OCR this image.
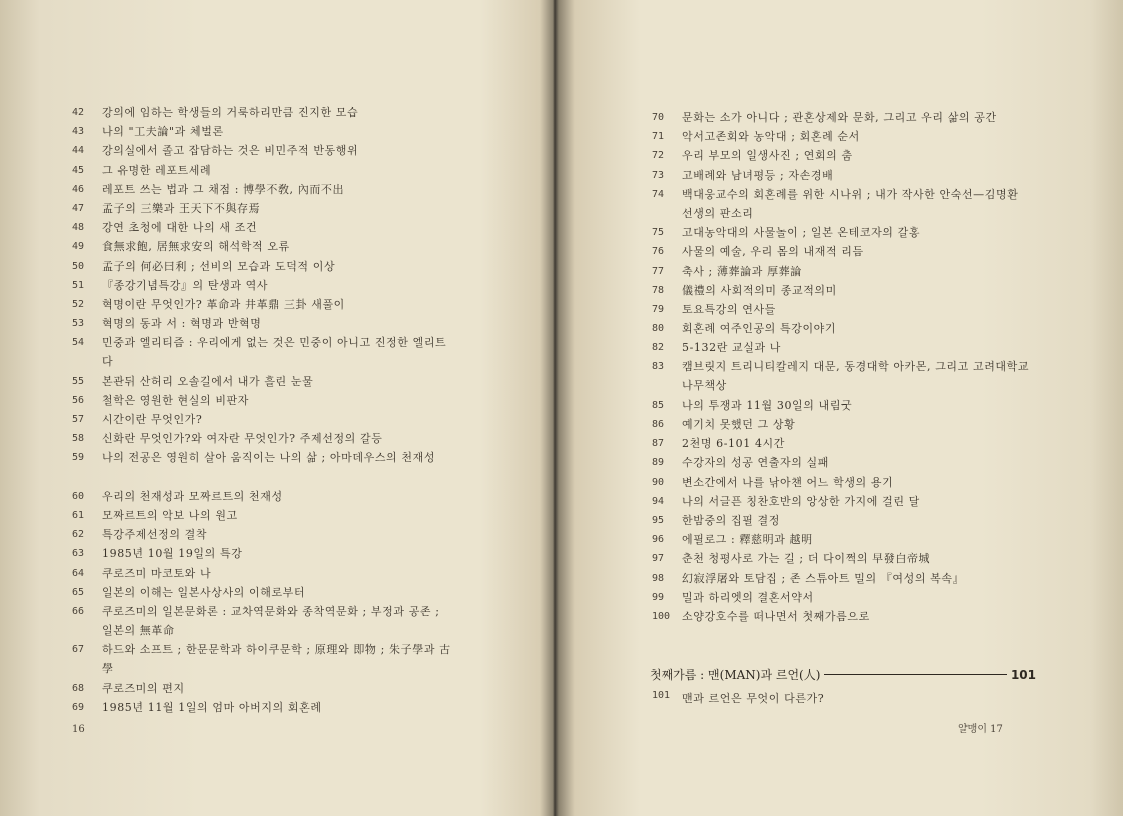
42	강의에 임하는 학생들의 거룩하리만큼 진지한 모습
43	나의 "工夫論"과 체벌론
44	강의실에서 졸고 잡담하는 것은 비민주적 반동행위
45	그 유명한 레포트세례
46	레포트 쓰는 법과 그 채점 : 博學不敎, 內而不出
47	孟子의 三樂과 王天下不與存焉
48	강연 초청에 대한 나의 새 조건
49	食無求飽, 居無求安의 해석학적 오류
50	孟子의 何必曰利 ; 선비의 모습과 도덕적 이상
51	『종강기념특강』의 탄생과 역사
52	혁명이란 무엇인가? 革命과 井革鼎 三卦 새풀이
53	혁명의 동과 서 : 혁명과 반혁명
54	민중과 엘리티즘 : 우리에게 없는 것은 민중이 아니고 진정한 엘리트다
55	본관뒤 산허리 오솔길에서 내가 흘린 눈물
56	철학은 영원한 현실의 비판자
57	시간이란 무엇인가?
58	신화란 무엇인가?와 여자란 무엇인가? 주제선정의 갈등
59	나의 전공은 영원히 살아 움직이는 나의 삶 ; 아마데우스의 천재성
60	우리의 천재성과 모짜르트의 천재성
61	모짜르트의 악보 나의 원고
62	특강주제선정의 결착
63	1985년 10월 19일의 특강
64	쿠로즈미 마코토와 나
65	일본의 이해는 일본사상사의 이해로부터
66	쿠로즈미의 일본문화론 : 교차역문화와 종착역문화 ; 부정과 공존 ; 일본의 無革命
67	하드와 소프트 ; 한문문학과 하이쿠문학 ; 原理와 即物 ; 朱子學과 古學
68	쿠로즈미의 편지
69	1985년 11월 1일의 엄마 아버지의 회혼례
16
70	문화는 소가 아니다 ; 관혼상제와 문화, 그리고 우리 삶의 공간
71	악서고존회와 농악대 ; 회혼례 순서
72	우리 부모의 일생사진 ; 연회의 춤
73	고배례와 남녀평등 ; 자손경배
74	백대웅교수의 회혼례를 위한 시나위 ; 내가 작사한 안숙선—김명환 선생의 판소리
75	고대농악대의 사물놀이 ; 일본 온테코자의 갈홍
76	사물의 예술, 우리 몸의 내재적 리듬
77	축사 ; 薄葬論과 厚葬論
78	儀禮의 사회적의미 종교적의미
79	토요특강의 연사들
80	회혼례 여주인공의 특강이야기
82	5-132란 교실과 나
83	캠브릿지 트리니티칼레지 대문, 동경대학 아카몬, 그리고 고려대학교 나무책상
85	나의 투쟁과 11월 30일의 내림굿
86	예기치 못했던 그 상황
87	2천명 6-101 4시간
89	수강자의 성공 연출자의 실패
90	변소간에서 나를 낚아챈 어느 학생의 용기
94	나의 서글픈 칭찬호반의 앙상한 가지에 걸린 달
95	한밤중의 집필 결정
96	에필로그 : 釋慈明과 越明
97	춘천 청평사로 가는 길 ; 더 다이쩍의 早發白帝城
98	幻寂浮屠와 토담집 ; 존 스튜아트 밀의 『여성의 복속』
99	밀과 하리엣의 결혼서약서
100	소양강호수를 떠나면서 첫째가름으로
첫째가름 : 맨(MAN)과 르언(人)	101
101	맨과 르언은 무엇이 다른가?
얄맹이 17
